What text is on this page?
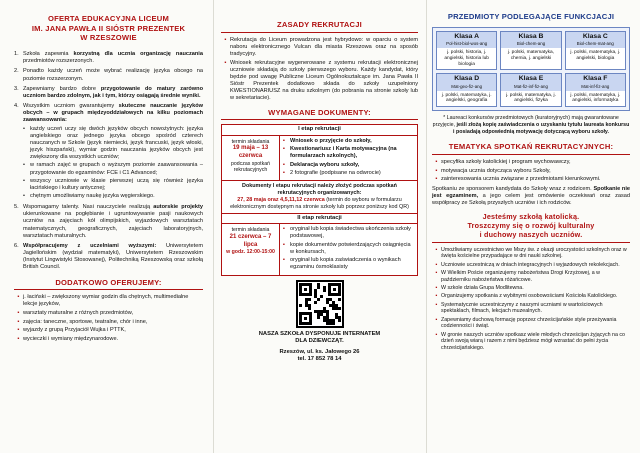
OFERTA EDUKACYJNA LICEUM
IM. JANA PAWŁA II SIÓSTR PREZENTEK
W RZESZOWIE
1. Szkoła zapewnia korzystną dla ucznia organizację nauczania przedmiotów rozszerzonych.
2. Ponadto każdy uczeń może wybrać realizację języka obcego na poziomie rozszerzonym.
3. Zapewniamy bardzo dobre przygotowanie do matury zarówno uczniom bardzo zdolnym, jak i tym, którzy osiągają średnie wyniki.
4. Wszystkim uczniom gwarantujemy skuteczne nauczanie języków obcych – w grupach międzyoddziałowych na kilku poziomach zaawansowania:
• każdy uczeń uczy się dwóch języków obcych nowożytnych: języka angielskiego oraz jednego języka obcego spośród czterech nauczanych w Szkole (język niemiecki, język francuski, język włoski, język hiszpański), wymiar godzin nauczania języków obcych jest zwiększony dla wszystkich uczniów;
• w ramach zajęć w grupach o wyższym poziomie zaawansowania – przygotowanie do egzaminów: FCE i C1 Advanced;
• wszyscy uczniowie w klasie pierwszej uczą się również języka łacińskiego i kultury antycznej;
• chętnym umożliwiamy naukę języka węgierskiego.
5. Wspomagamy talenty. Nasi nauczyciele realizują autorskie projekty ukierunkowane na pogłębianie i ugruntowywanie pasji naukowych uczniów na zajęciach kół olimpijskich, wyjazdowych warsztatach matematycznych, geograficznych, zajęciach laboratoryjnych, warsztatach maturalnych.
6. Współpracujemy z uczelniami wyższymi: Uniwersytetem Jagiellońskim (wydział matematyki), Uniwersytetem Rzeszowskim (Instytut Lingwistyki Stosowanej), Politechniką Rzeszowską oraz szkołą British Council.
DODATKOWO OFERUJEMY:
▪ j. łaciński – zwiększony wymiar godzin dla chętnych, multimedialne lekcje języków,
▪ warsztaty maturalne z różnych przedmiotów,
▪ zajęcia: taneczne, sportowe, teatralne, chór i inne,
▪ wyjazdy z grupą Przyjaciół Wujka i PTTK,
▪ wycieczki i wymiany międzynarodowe.
ZASADY REKRUTACJI
▪ Rekrutacja do Liceum prowadzona jest hybrydowo: w oparciu o system naboru elektronicznego Vulcan dla miasta Rzeszowa oraz na sposób tradycyjny.
▪ Wniosek rekrutacyjne wygenerowane z systemu rekrutacji elektronicznej uczniowie składają do szkoły pierwszego wyboru. Każdy kandydat, który będzie pod uwagę Publiczne Liceum Ogólnokształcące im. Jana Pawła II Sióstr Prezentek dodatkowo składa do szkoły uzupełniony KWESTIONARIUSZ na druku szkolnym (do pobrania na stronie szkoły lub w sekretariacie).
WYMAGANE DOKUMENTY:
I etap rekrutacji
termin składania
19 maja – 13 czerwca
podczas spotkań rekrutacyjnych
▪ Wniosek o przyjęcie do szkoły,
▪ Kwestionariusz i Karta motywacyjna (na formularzach szkolnych),
▪ Deklaracja wyboru szkoły,
▪ 2 fotografie (podpisane na odwrocie)
Dokumenty I etapu rekrutacji należy złożyć podczas spotkań rekrutacyjnych organizowanych:
27, 28 maja oraz 4,5,11,12 czerwca (termin do wyboru w formularzu elektronicznym dostępnym na stronie szkoły lub poprzez poniższy kod QR)
II etap rekrutacji
termin składania
21 czerwca – 7 lipca
w godz. 12:00-15:00
▪ oryginał lub kopia świadectwa ukończenia szkoły podstawowej,
▪ kopie dokumentów potwierdzających osiągnięcia w konkursach,
▪ oryginał lub kopia zaświadczenia o wynikach egzaminu ósmoklasisty
NASZA SZKOŁA DYSPONUJE INTERNATEM
DLA DZIEWCZĄT.
Rzeszów, ul. ks. Jałowego 26
tel. 17 852 78 14
PRZEDMIOTY PODLEGAJĄCE FUNKCJACJI
Klasa A
Pol-hist-biol-wos-ang
j. polski, historia, j. angielski, historia lub biologia
Klasa B
Biol-chem-ang
j. polski, matematyka, chemia, j. angielski
Klasa C
Biol-chem-mat-ang
j. polski, matematyka, j. angielski, biologia
Klasa D
Mat-geo-fiz-ang
j. polski, matematyka, j. angielski, geografia
Klasa E
Mat-fiz-inf-fiz-ang
j. polski, matematyka, j. angielski, fizyka
Klasa F
Mat-inf-fiz-ang
j. polski, matematyka, j. angielski, informatyka

* Laureaci konkursów przedmiotowych (kuratoryjnych) mają gwarantowane przyjęcie, jeśli złożą kopię zaświadczenia o uzyskaniu tytułu laureata konkursu i posiadają odpowiednią motywację dotyczącą wyboru szkoły.

TEMATYKA SPOTKAŃ REKRUTACYJNYCH:
▪ specyfika szkoły katolickiej i program wychowawczy,
▪ motywacja ucznia dotycząca wyboru Szkoły,
▪ zainteresowania ucznia związane z przedmiotami kierunkowymi.

Spotkaniu ze sponsorem kandydata do Szkoły wraz z rodzicem. Spotkanie nie jest egzaminem, a jego celem jest omówienie oczekiwań oraz zasad współpracy ze Szkołą przyszłych uczniów i ich rodziców.

Jesteśmy szkołą katolicką.
Troszczymy się o rozwój kulturalny
i duchowy naszych uczniów.
▪ Umożliwiamy uczestnictwo we Mszy św. z okazji uroczystości szkolnych oraz w święta kościelne przypadające w dni nauki szkolnej.
▪ Uczniowie uczestniczą w dniach integracyjnych i wyjazdowych rekolekcjach.
▪ W Wielkim Poście organizujemy nabożeństwa Drogi Krzyżowej, a w październiku nabożeństwa różańcowe.
▪ W szkole działa Grupa Modlitewna.
▪ Organizujemy spotkania z wybitnymi osobowościami Kościoła Katolickiego.
▪ Systematycznie uczestniczymy z naszymi uczniami w wartościowych spektaklach, filmach, lekcjach muzealnych.
▪ Zapewniamy duchową formację poprzez chrześcijańskie style przeżywania codzienności i świąt.
▪ W gronie naszych uczniów spotkasz wiele młodych chrześcijan żyjących na co dzień swoją wiarą i razem z nimi będziesz mógł wzrastać do pełni życia chrześcijańskiego.
